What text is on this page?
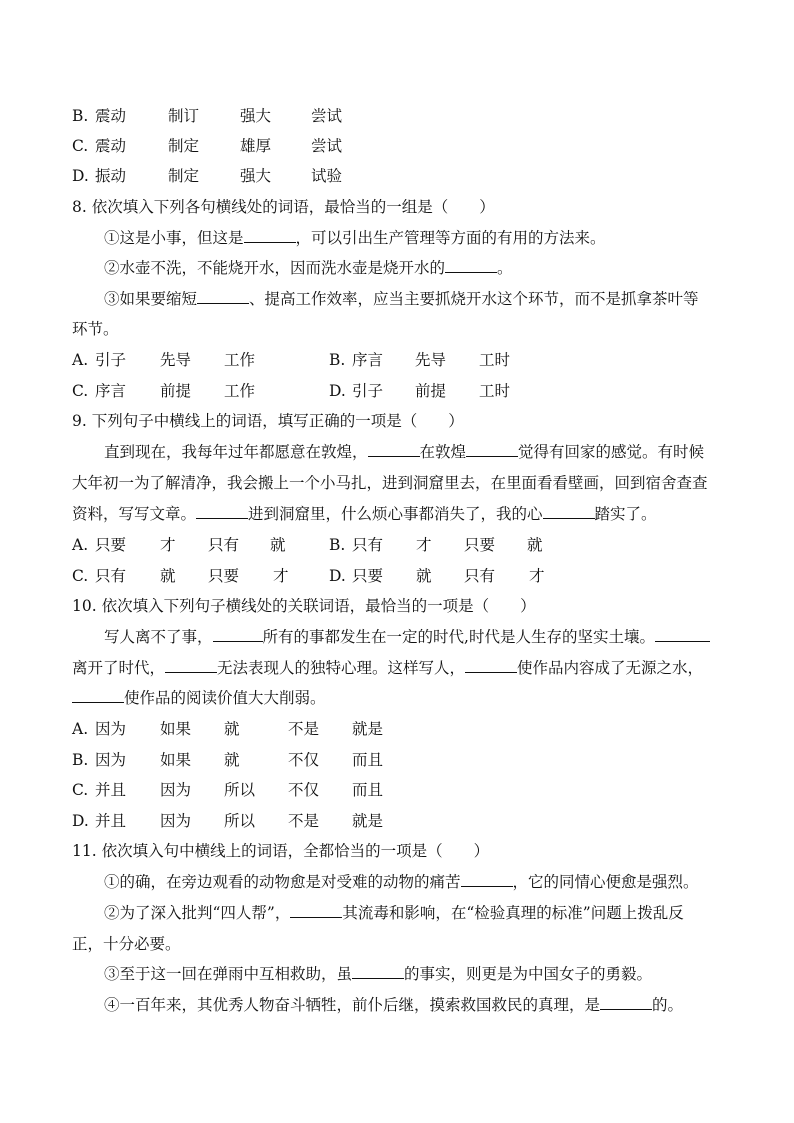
B. 震动	制订	强大	尝试
C. 震动	制定	雄厚	尝试
D. 振动	制定	强大	试验
8. 依次填入下列各句横线处的词语，最恰当的一组是（　　）
①这是小事，但这是	，可以引出生产管理等方面的有用的方法来。
②水壶不洗，不能烧开水，因而洗水壶是烧开水的	。
③如果要缩短	、提高工作效率，应当主要抓烧开水这个环节，而不是抓拿茶叶等
环节。
A. 引子 先导 工作	B. 序言 先导 工时
C. 序言 前提 工作	D. 引子 前提 工时
9. 下列句子中横线上的词语，填写正确的一项是（　　）
直到现在，我每年过年都愿意在敦煌，	在敦煌	觉得有回家的感觉。有时候
大年初一为了解清净，我会搬上一个小马扎，进到洞窟里去，在里面看看壁画，回到宿舍查查
资料，写写文章。	进到洞窟里，什么烦心事都消失了，我的心	踏实了。
A. 只要 才 只有 就	B. 只有 才 只要 就
C. 只有 就 只要 才	D. 只要 就 只有 才
10. 依次填入下列句子横线处的关联词语，最恰当的一项是（　　）
写人离不了事，	所有的事都发生在一定的时代,时代是人生存的坚实土壤。
离开了时代，	无法表现人的独特心理。这样写人，	使作品内容成了无源之水，
使作品的阅读价值大大削弱。
A. 因为 如果 就	不是 就是
B. 因为 如果 就	不仅 而且
C. 并且 因为 所以 不仅 而且
D. 并且 因为 所以 不是 就是
11. 依次填入句中横线上的词语，全都恰当的一项是（　　）
①的确，在旁边观看的动物愈是对受难的动物的痛苦	，它的同情心便愈是强烈。
②为了深入批判“四人帮”，	其流毒和影响，在“检验真理的标准”问题上拨乱反
正，十分必要。
③至于这一回在弹雨中互相救助，虽	的事实，则更是为中国女子的勇毅。
④一百年来，其优秀人物奋斗牺牲，前仆后继，摸索救国救民的真理，是	的。
